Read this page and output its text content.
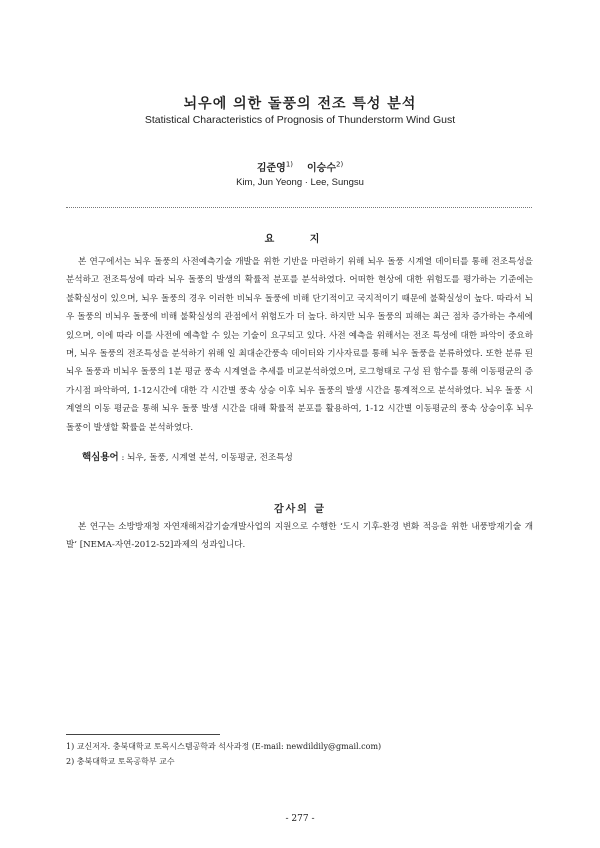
뇌우에 의한 돌풍의 전조 특성 분석
Statistical Characteristics of Prognosis of Thunderstorm Wind Gust
김준영$^{1)}$ 이승수$^{2)}$
Kim, Jun Yeong · Lee, Sungsu
요 지

본 연구에서는 뇌우 돌풍의 사전예측기술 개발을 위한 기반을 마련하기 위해 뇌우 돌풍 시계열 데이터를 통해 전조특성을 분석하고 전조특성에 따라 뇌우 돌풍의 발생의 확률적 분포를 분석하였다. 어떠한 현상에 대한 위험도를 평가하는 기준에는 불확실성이 있으며, 뇌우 돌풍의 경우 이러한 비뇌우 돌풍에 비해 단기적이고 국지적이기 때문에 불확실성이 높다. 따라서 뇌우 돌풍의 비뇌우 돌풍에 비해 불확실성의 관점에서 위험도가 더 높다. 하지만 뇌우 돌풍의 피해는 최근 점차 증가하는 추세에 있으며, 이에 따라 이를 사전에 예측할 수 있는 기술이 요구되고 있다. 사전 예측을 위해서는 전조 특성에 대한 파악이 중요하며, 뇌우 돌풍의 전조특성을 분석하기 위해 일 최대순간풍속 데이터와 기사자료를 통해 뇌우 돌풍을 분류하였다. 또한 분류 된 뇌우 돌풍과 비뇌우 돌풍의 1분 평균 풍속 시계열을 추세를 비교분석하였으며, 로그형태로 구성 된 함수를 통해 이동평균의 증가시점 파악하여, 1-12시간에 대한 각 시간별 풍속 상승 이후 뇌우 돌풍의 발생 시간을 통계적으로 분석하였다. 뇌우 돌풍 시계열의 이동 평균을 통해 뇌우 돌풍 발생 시간을 대해 확률적 분포를 활용하여, 1-12 시간별 이동평균의 풍속 상승이후 뇌우 돌풍이 발생할 확률을 분석하였다.

핵심용어 : 뇌우, 돌풍, 시계열 분석, 이동평균, 전조특성
감사의 글

본 연구는 소방방재청 자연재해저감기술개발사업의 지원으로 수행한 ‘도시 기후-환경 변화 적응을 위한 내풍방재기술 개발’ [NEMA-자연-2012-52]과제의 성과입니다.

1) 교신저자. 충북대학교 토목시스템공학과 석사과정 (E-mail: newdildily@gmail.com)
2) 충북대학교 토목공학부 교수
- 277 -
